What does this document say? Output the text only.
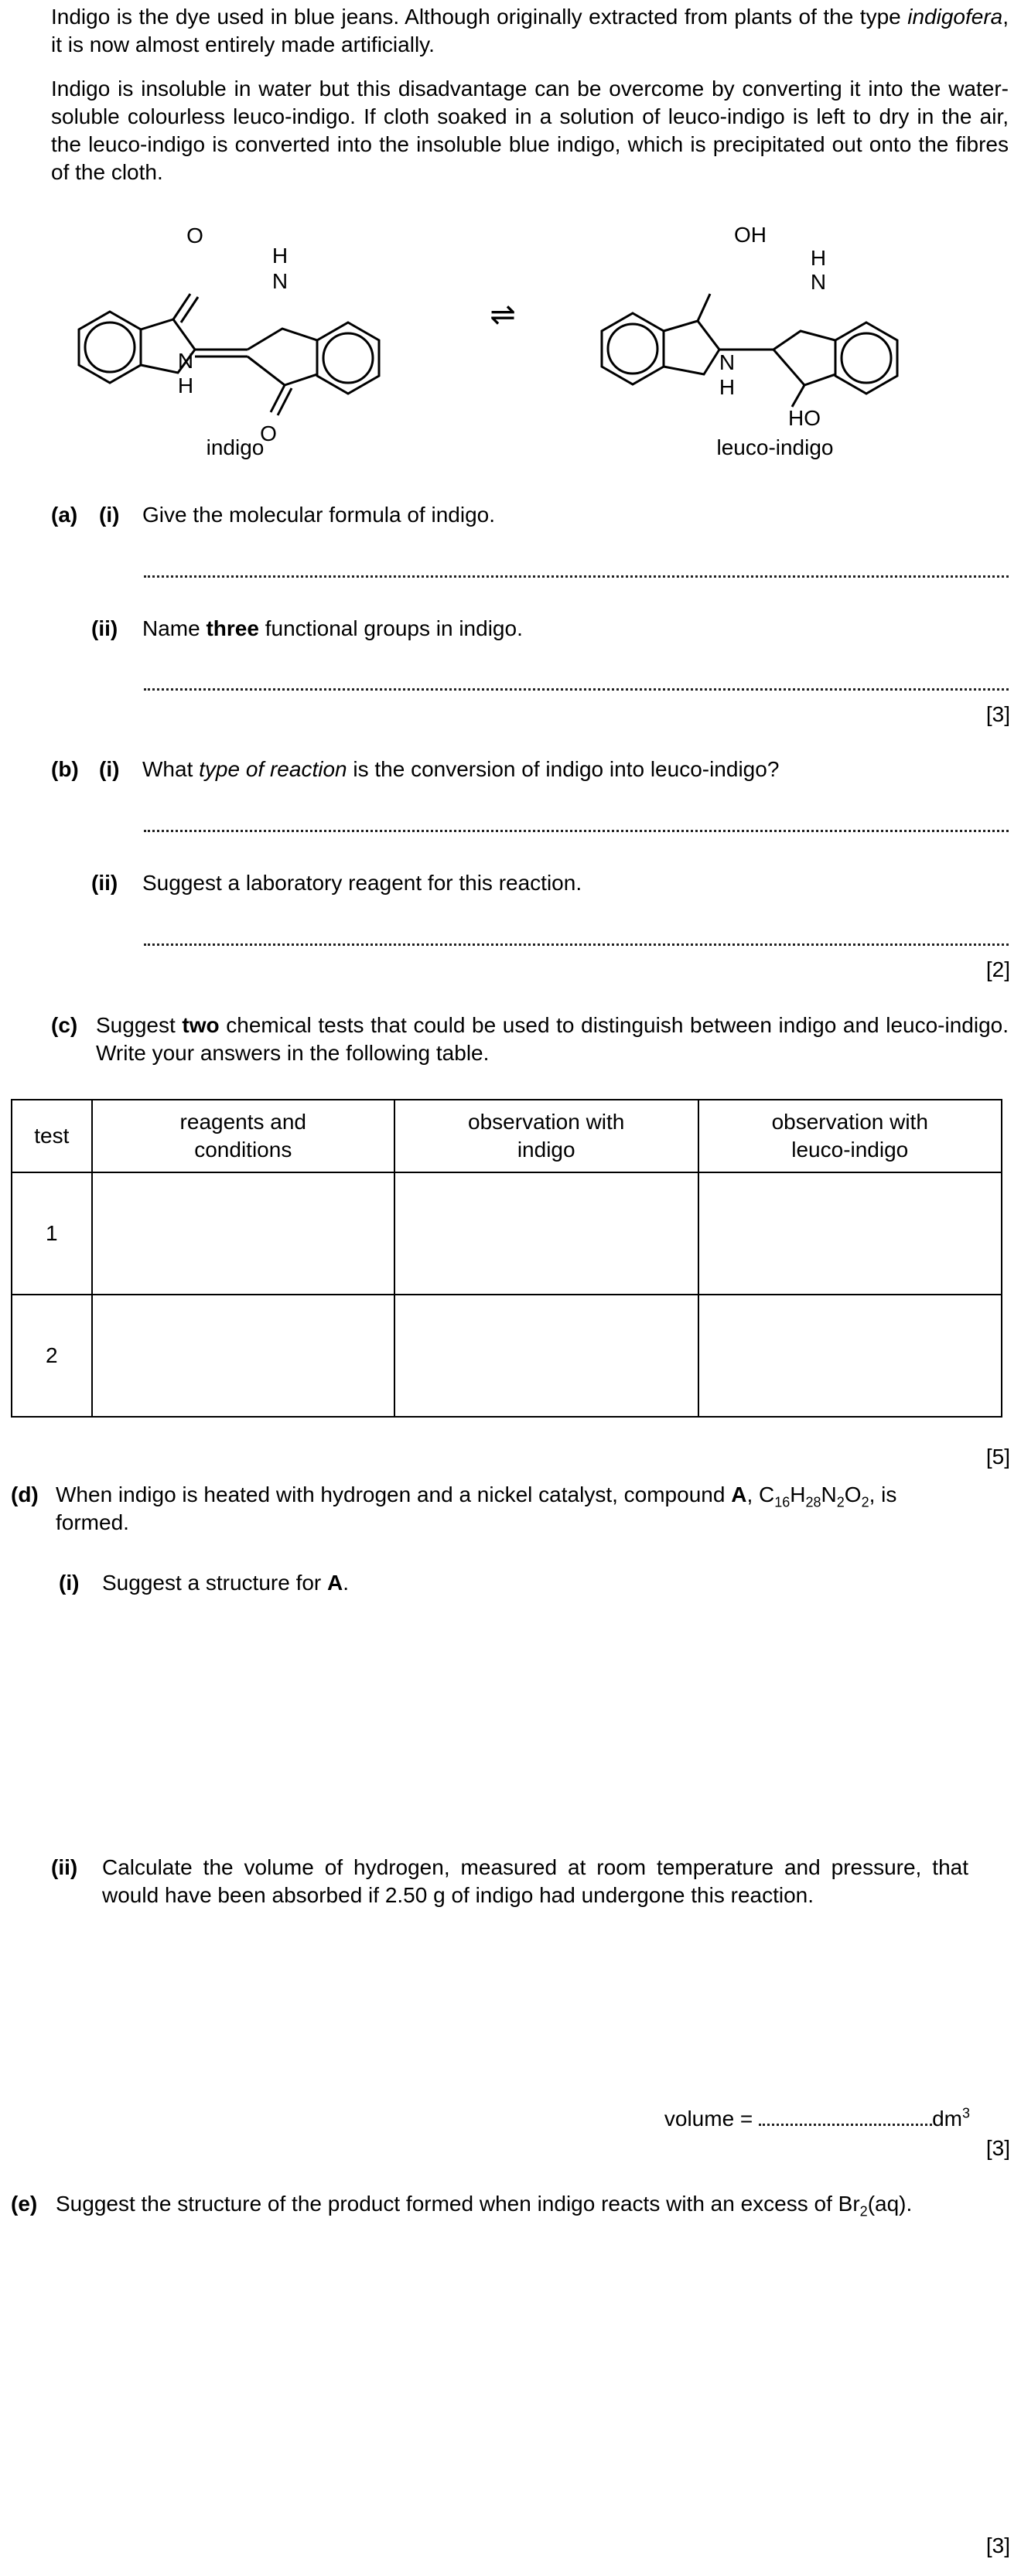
Indigo is the dye used in blue jeans. Although originally extracted from plants of the type indigofera, it is now almost entirely made artificially.
Indigo is insoluble in water but this disadvantage can be overcome by converting it into the water-soluble colourless leuco-indigo. If cloth soaked in a solution of leuco-indigo is left to dry in the air, the leuco-indigo is converted into the insoluble blue indigo, which is precipitated out onto the fibres of the cloth.
O
O
H
N
N
H
⇌
indigo
OH
H
N
N
H
HO
leuco-indigo
(a) (i) Give the molecular formula of indigo.
(ii) Name three functional groups in indigo.
[3]
(b) (i) What type of reaction is the conversion of indigo into leuco-indigo?
(ii) Suggest a laboratory reagent for this reaction.
[2]
(c) Suggest two chemical tests that could be used to distinguish between indigo and leuco-indigo. Write your answers in the following table.
test	reagents and conditions	observation with indigo	observation with leuco-indigo
1			
2			
[5]
(d) When indigo is heated with hydrogen and a nickel catalyst, compound A, $C_{16}H_{28}N_2O_2$, is formed.
(i) Suggest a structure for A.
(ii) Calculate the volume of hydrogen, measured at room temperature and pressure, that would have been absorbed if 2.50 g of indigo had undergone this reaction.
volume =	$dm^3$
[3]
(e) Suggest the structure of the product formed when indigo reacts with an excess of $Br_2(aq)$.
[3]
